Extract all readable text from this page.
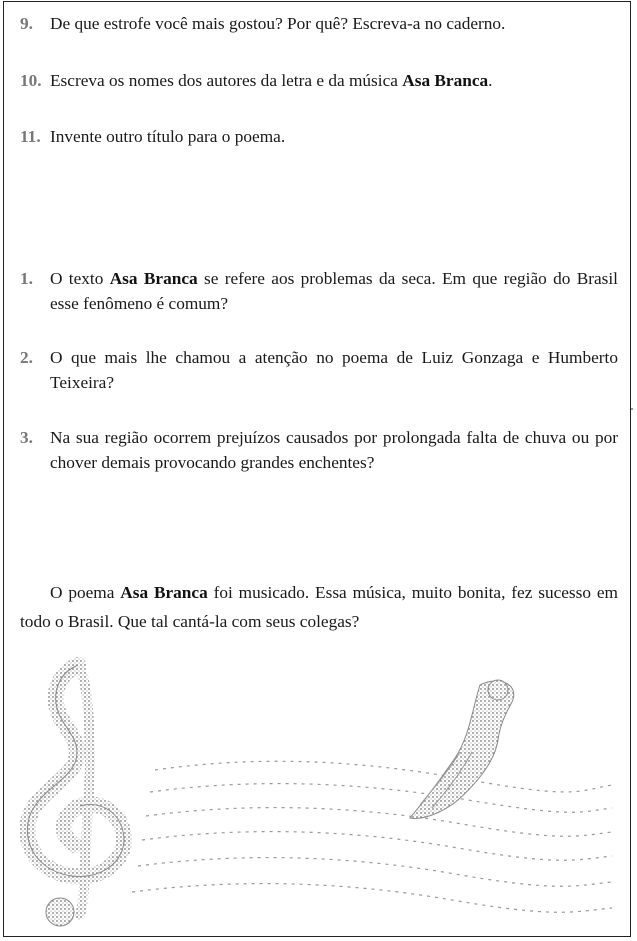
9. De que estrofe você mais gostou? Por quê? Escreva-a no caderno.
10. Escreva os nomes dos autores da letra e da música Asa Branca.
11. Invente outro título para o poema.
1. O texto Asa Branca se refere aos problemas da seca. Em que região do Brasil esse fenômeno é comum?
2. O que mais lhe chamou a atenção no poema de Luiz Gonzaga e Humberto Teixeira?
3. Na sua região ocorrem prejuízos causados por prolongada falta de chuva ou por chover demais provocando grandes enchentes?
O poema Asa Branca foi musicado. Essa música, muito bonita, fez sucesso em todo o Brasil. Que tal cantá-la com seus colegas?
